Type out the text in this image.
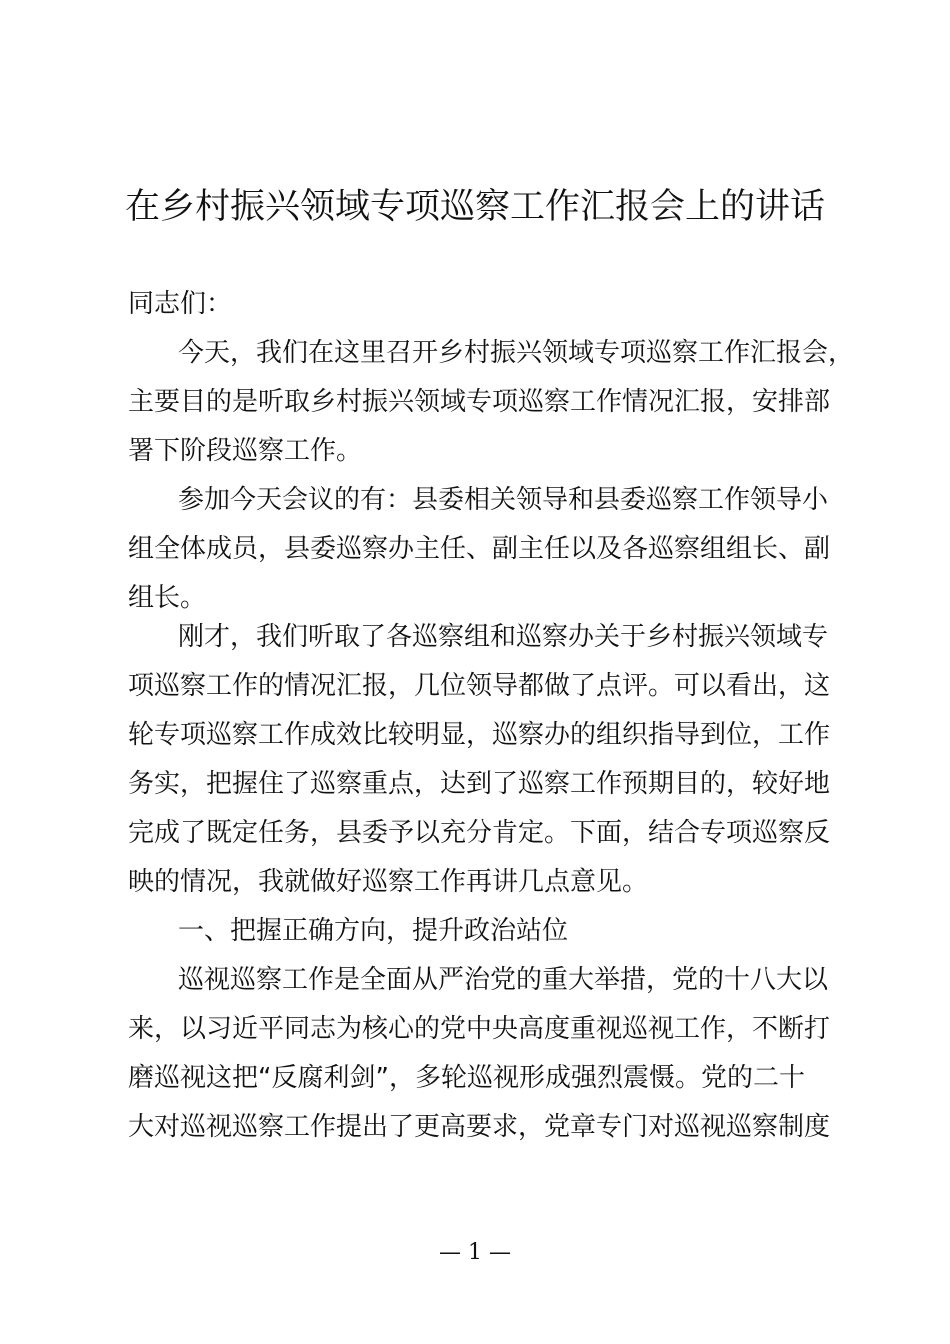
在乡村振兴领域专项巡察工作汇报会上的讲话
同志们：
今天，我们在这里召开乡村振兴领域专项巡察工作汇报会，
主要目的是听取乡村振兴领域专项巡察工作情况汇报，安排部
署下阶段巡察工作。
参加今天会议的有：县委相关领导和县委巡察工作领导小
组全体成员，县委巡察办主任、副主任以及各巡察组组长、副
组长。
刚才，我们听取了各巡察组和巡察办关于乡村振兴领域专
项巡察工作的情况汇报，几位领导都做了点评。可以看出，这
轮专项巡察工作成效比较明显，巡察办的组织指导到位，工作
务实，把握住了巡察重点，达到了巡察工作预期目的，较好地
完成了既定任务，县委予以充分肯定。下面，结合专项巡察反
映的情况，我就做好巡察工作再讲几点意见。
一、把握正确方向，提升政治站位
巡视巡察工作是全面从严治党的重大举措，党的十八大以
来，以习近平同志为核心的党中央高度重视巡视工作，不断打
磨巡视这把“反腐利剑”，多轮巡视形成强烈震慑。党的二十
大对巡视巡察工作提出了更高要求，党章专门对巡视巡察制度
— 1 —
